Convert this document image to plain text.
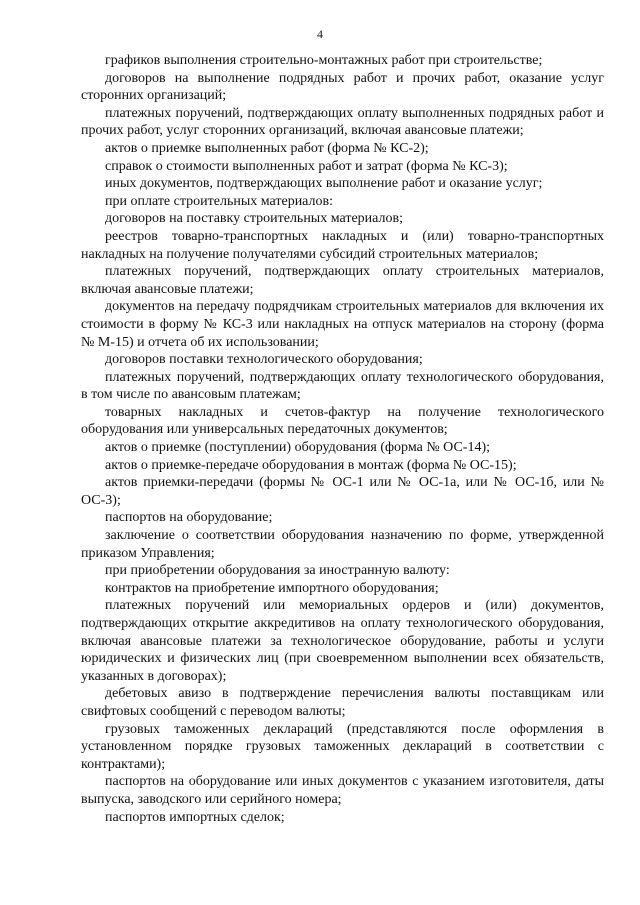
4

графиков выполнения строительно-монтажных работ при строительстве;

договоров на выполнение подрядных работ и прочих работ, оказание услуг сторонних организаций;

платежных поручений, подтверждающих оплату выполненных подрядных работ и прочих работ, услуг сторонних организаций, включая авансовые платежи;

актов о приемке выполненных работ (форма № КС-2);

справок о стоимости выполненных работ и затрат (форма № КС-3);

иных документов, подтверждающих выполнение работ и оказание услуг;

при оплате строительных материалов:

договоров на поставку строительных материалов;

реестров товарно-транспортных накладных и (или) товарно-транспортных накладных на получение получателями субсидий строительных материалов;

платежных поручений, подтверждающих оплату строительных материалов, включая авансовые платежи;

документов на передачу подрядчикам строительных материалов для включения их стоимости в форму № КС-3 или накладных на отпуск материалов на сторону (форма № М-15) и отчета об их использовании;

договоров поставки технологического оборудования;

платежных поручений, подтверждающих оплату технологического оборудования, в том числе по авансовым платежам;

товарных накладных и счетов-фактур на получение технологического оборудования или универсальных передаточных документов;

актов о приемке (поступлении) оборудования (форма № ОС-14);

актов о приемке-передаче оборудования в монтаж (форма № ОС-15);

актов приемки-передачи (формы № ОС-1 или № ОС-1а, или № ОС-1б, или № ОС-3);

паспортов на оборудование;

заключение о соответствии оборудования назначению по форме, утвержденной приказом Управления;

при приобретении оборудования за иностранную валюту:

контрактов на приобретение импортного оборудования;

платежных поручений или мемориальных ордеров и (или) документов, подтверждающих открытие аккредитивов на оплату технологического оборудования, включая авансовые платежи за технологическое оборудование, работы и услуги юридических и физических лиц (при своевременном выполнении всех обязательств, указанных в договорах);

дебетовых авизо в подтверждение перечисления валюты поставщикам или свифтовых сообщений с переводом валюты;

грузовых таможенных деклараций (представляются после оформления в установленном порядке грузовых таможенных деклараций в соответствии с контрактами);

паспортов на оборудование или иных документов с указанием изготовителя, даты выпуска, заводского или серийного номера;

паспортов импортных сделок;
